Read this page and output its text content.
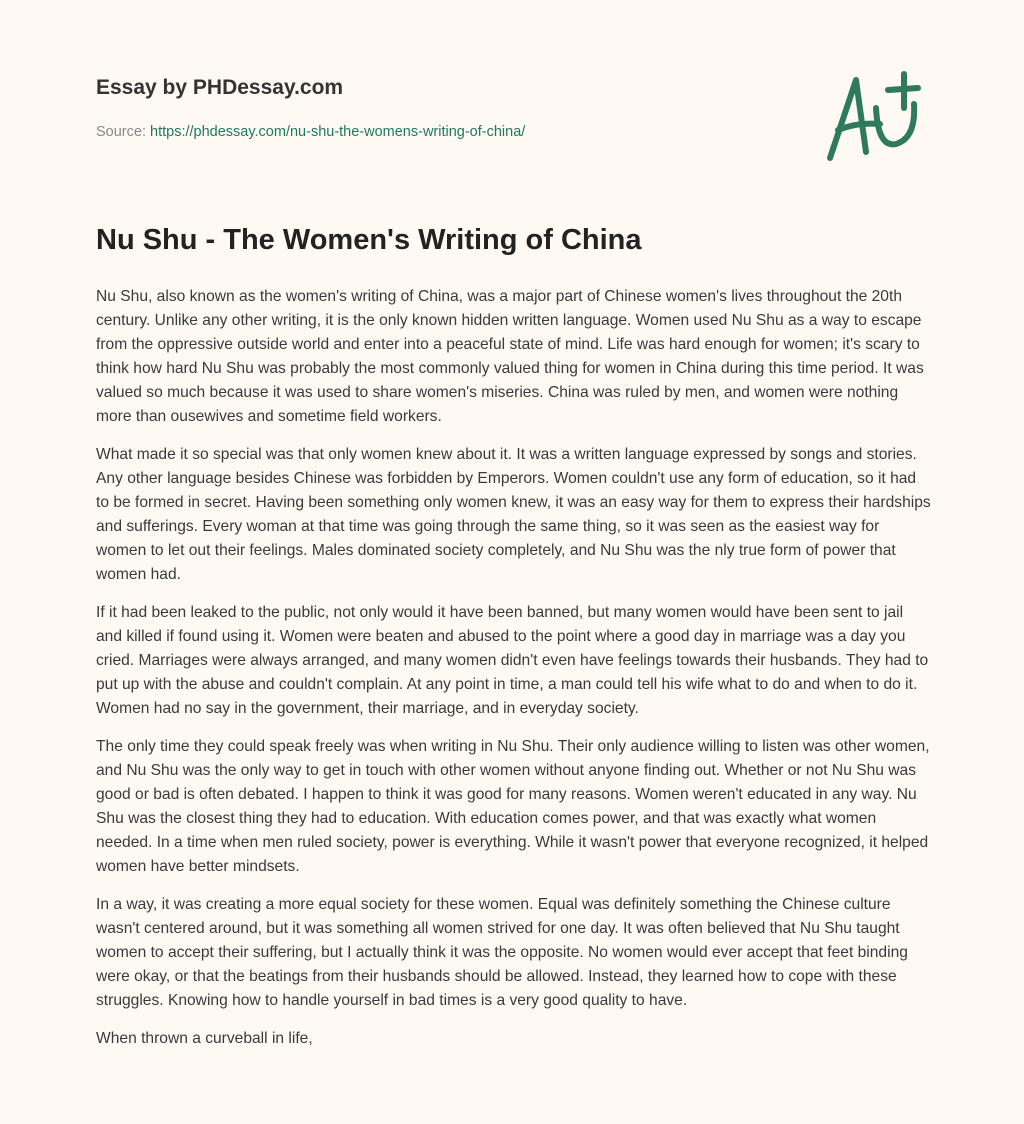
Essay by PHDessay.com
Source: https://phdessay.com/nu-shu-the-womens-writing-of-china/
Nu Shu - The Women's Writing of China

Nu Shu, also known as the women's writing of China, was a major part of Chinese women's lives throughout the 20th century. Unlike any other writing, it is the only known hidden written language. Women used Nu Shu as a way to escape from the oppressive outside world and enter into a peaceful state of mind. Life was hard enough for women; it's scary to think how hard Nu Shu was probably the most commonly valued thing for women in China during this time period. It was valued so much because it was used to share women's miseries. China was ruled by men, and women were nothing more than ousewives and sometime field workers.

What made it so special was that only women knew about it. It was a written language expressed by songs and stories. Any other language besides Chinese was forbidden by Emperors. Women couldn't use any form of education, so it had to be formed in secret. Having been something only women knew, it was an easy way for them to express their hardships and sufferings. Every woman at that time was going through the same thing, so it was seen as the easiest way for women to let out their feelings. Males dominated society completely, and Nu Shu was the nly true form of power that women had.

If it had been leaked to the public, not only would it have been banned, but many women would have been sent to jail and killed if found using it. Women were beaten and abused to the point where a good day in marriage was a day you cried. Marriages were always arranged, and many women didn't even have feelings towards their husbands. They had to put up with the abuse and couldn't complain. At any point in time, a man could tell his wife what to do and when to do it. Women had no say in the government, their marriage, and in everyday society.

The only time they could speak freely was when writing in Nu Shu. Their only audience willing to listen was other women, and Nu Shu was the only way to get in touch with other women without anyone finding out. Whether or not Nu Shu was good or bad is often debated. I happen to think it was good for many reasons. Women weren't educated in any way. Nu Shu was the closest thing they had to education. With education comes power, and that was exactly what women needed. In a time when men ruled society, power is everything. While it wasn't power that everyone recognized, it helped women have better mindsets.

In a way, it was creating a more equal society for these women. Equal was definitely something the Chinese culture wasn't centered around, but it was something all women strived for one day. It was often believed that Nu Shu taught women to accept their suffering, but I actually think it was the opposite. No women would ever accept that feet binding were okay, or that the beatings from their husbands should be allowed. Instead, they learned how to cope with these struggles. Knowing how to handle yourself in bad times is a very good quality to have.

When thrown a curveball in life,
